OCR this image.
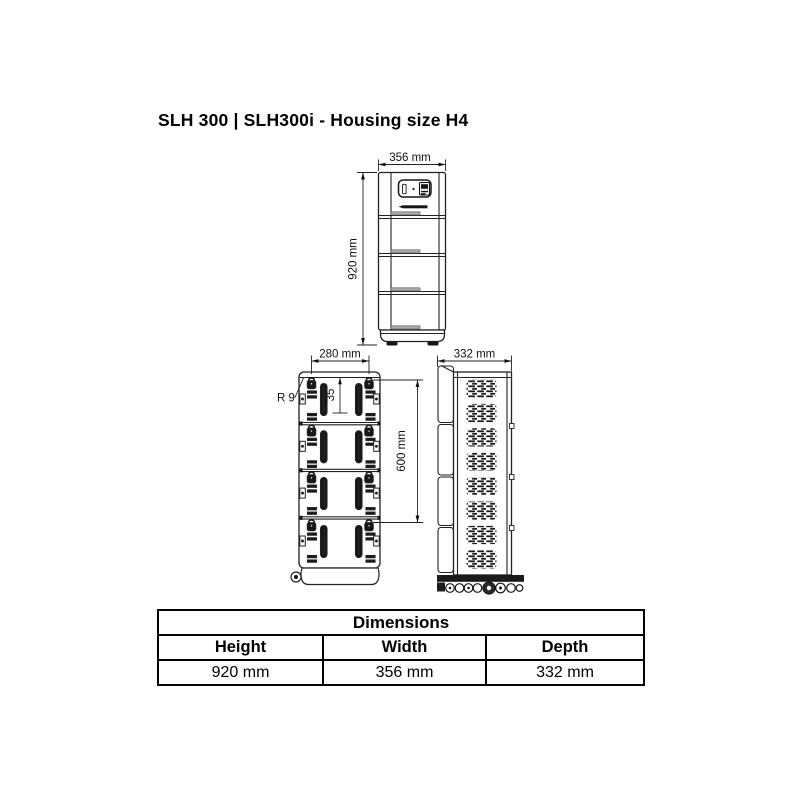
SLH 300 | SLH300i - Housing size H4
356 mm
920 mm
280 mm
R 9	35
600 mm
332 mm
Dimensions		
Height	Width	Depth
920 mm	356 mm	332 mm
